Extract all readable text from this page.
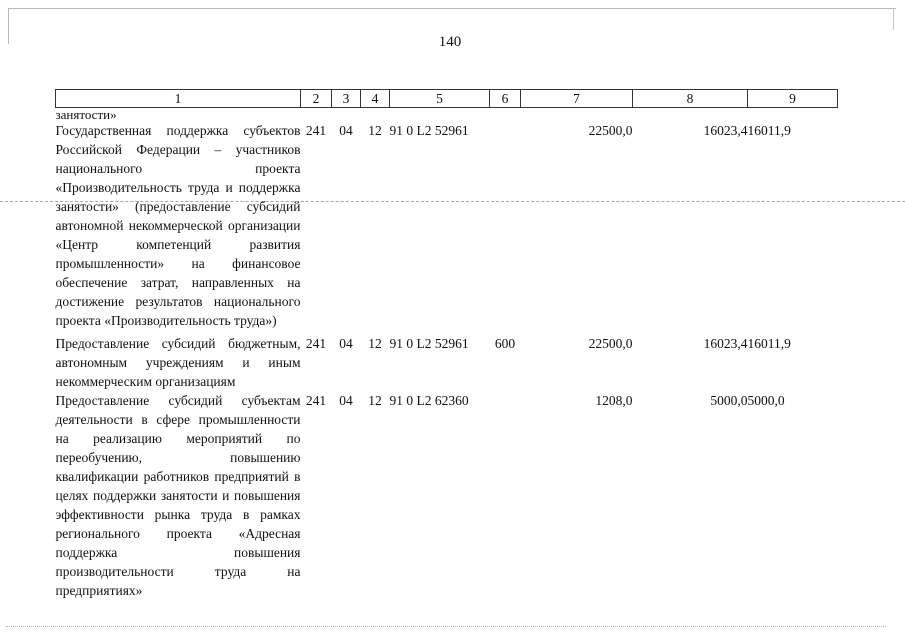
140
1	2	3	4	5	6	7	8	9
занятости»								
Государственная поддержка субъектов Российской Федерации – участников национального проекта «Производительность труда и поддержка занятости» (предоставление субсидий автономной некоммерческой организации «Центр компетенций развития промышленности» на финансовое обеспечение затрат, направленных на достижение результатов национального проекта «Производительность труда»)	241	04	12	91 0 L2 52961		22500,0	16023,4	16011,9
Предоставление субсидий бюджетным, автономным учреждениям и иным некоммерческим организациям	241	04	12	91 0 L2 52961	600	22500,0	16023,4	16011,9
Предоставление субсидий субъектам деятельности в сфере промышленности на реализацию мероприятий по переобучению, повышению квалификации работников предприятий в целях поддержки занятости и повышения эффективности рынка труда в рамках регионального проекта «Адресная поддержка повышения производительности труда на предприятиях»	241	04	12	91 0 L2 62360		1208,0	5000,0	5000,0
